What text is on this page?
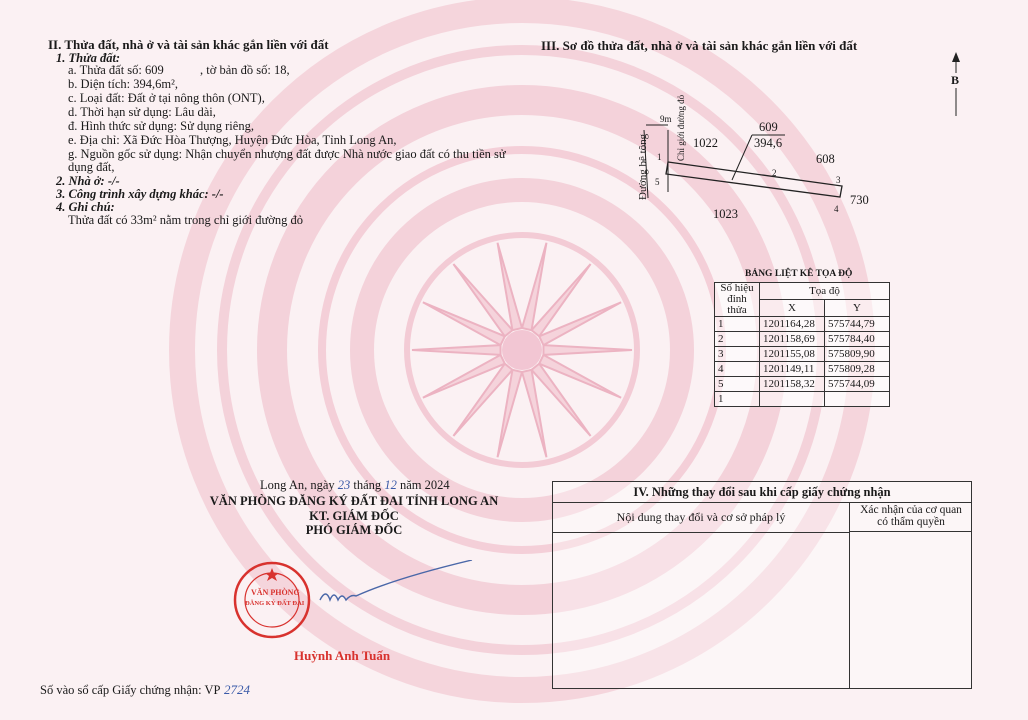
II. Thửa đất, nhà ở và tài sản khác gắn liền với đất
1. Thửa đất:
a. Thửa đất số: 609	, tờ bản đồ số: 18,
b. Diện tích: 394,6m²,
c. Loại đất: Đất ở tại nông thôn (ONT),
d. Thời hạn sử dụng: Lâu dài,
đ. Hình thức sử dụng: Sử dụng riêng,
e. Địa chỉ: Xã Đức Hòa Thượng, Huyện Đức Hòa, Tỉnh Long An,
g. Nguồn gốc sử dụng: Nhận chuyển nhượng đất được Nhà nước giao đất có thu tiền sử
dụng đất,
2. Nhà ở: -/-
3. Công trình xây dựng khác: -/-
4. Ghi chú:
Thửa đất có 33m² nằm trong chỉ giới đường đỏ
III. Sơ đồ thửa đất, nhà ở và tài sản khác gắn liền với đất
B
Đường bê tông
Chỉ giới đường đỏ
9m
609
394,6
1022
608
730
1023
1
2
3
4
5
BẢNG LIỆT KÊ TỌA ĐỘ
Số hiệu đỉnh thửa	Tọa độ	
	X	Y
1	1201164,28	575744,79
2	1201158,69	575784,40
3	1201155,08	575809,90
4	1201149,11	575809,28
5	1201158,32	575744,09
1		
Long An, ngày 23 tháng 12 năm 2024
VĂN PHÒNG ĐĂNG KÝ ĐẤT ĐAI TỈNH LONG AN
KT. GIÁM ĐỐC
PHÓ GIÁM ĐỐC
VĂN PHÒNG
ĐĂNG KÝ ĐẤT ĐAI
Huỳnh Anh Tuấn
IV. Những thay đổi sau khi cấp giấy chứng nhận
Nội dung thay đổi và cơ sở pháp lý	Xác nhận của cơ quan
có thẩm quyền
Số vào sổ cấp Giấy chứng nhận: VP 2724
